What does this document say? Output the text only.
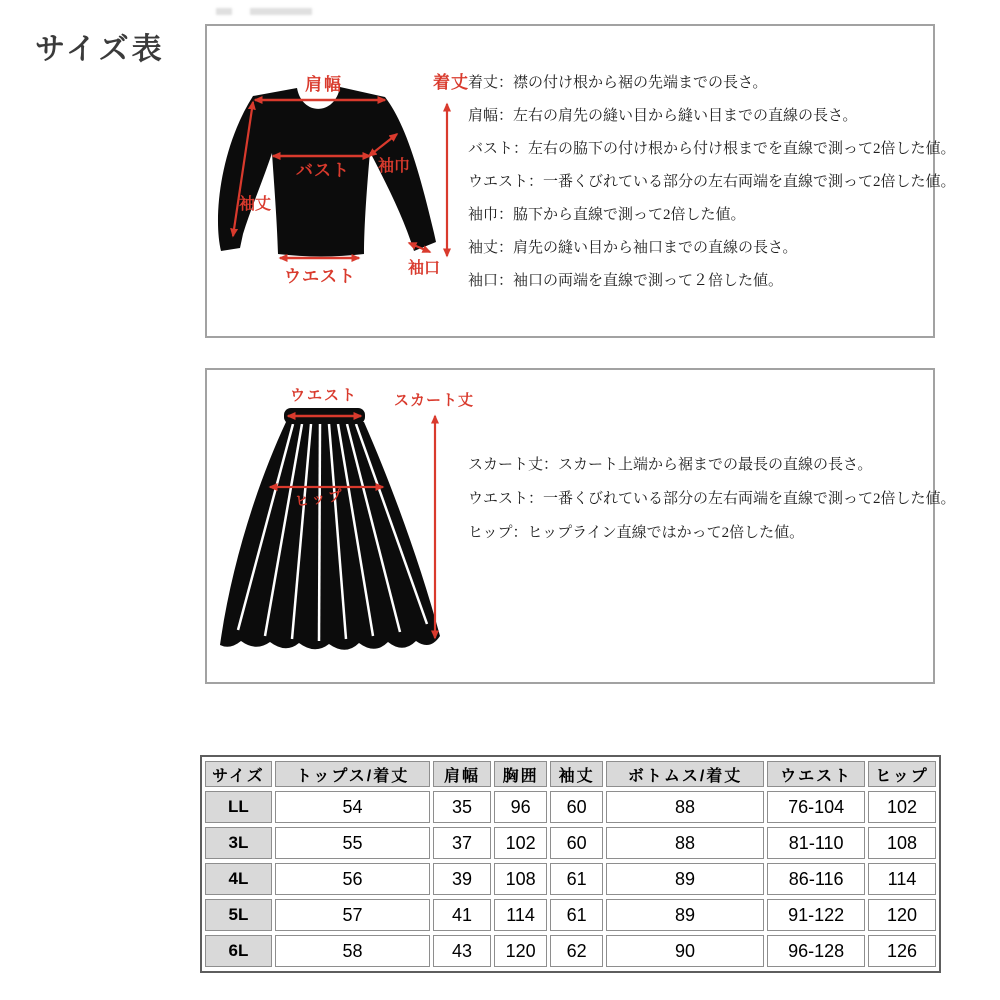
サイズ表
肩幅	着丈
バスト 袖巾
袖丈
ウエスト	袖口
着丈：襟の付け根から裾の先端までの長さ。
肩幅：左右の肩先の縫い目から縫い目までの直線の長さ。
バスト：左右の脇下の付け根から付け根までを直線で測って2倍した値。
ウエスト：一番くびれている部分の左右両端を直線で測って2倍した値。
袖巾：脇下から直線で測って2倍した値。
袖丈：肩先の縫い目から袖口までの直線の長さ。
袖口：袖口の両端を直線で測って２倍した値。
ウエスト スカート丈
ヒップ
スカート丈：スカート上端から裾までの最長の直線の長さ。
ウエスト：一番くびれている部分の左右両端を直線で測って2倍した値。
ヒップ：ヒップライン直線ではかって2倍した値。
サイズ	トップス/着丈	肩幅	胸囲	袖丈	ボトムス/着丈	ウエスト	ヒップ
LL	54	35	96	60	88	76-104	102
3L	55	37	102	60	88	81-110	108
4L	56	39	108	61	89	86-116	114
5L	57	41	114	61	89	91-122	120
6L	58	43	120	62	90	96-128	126
